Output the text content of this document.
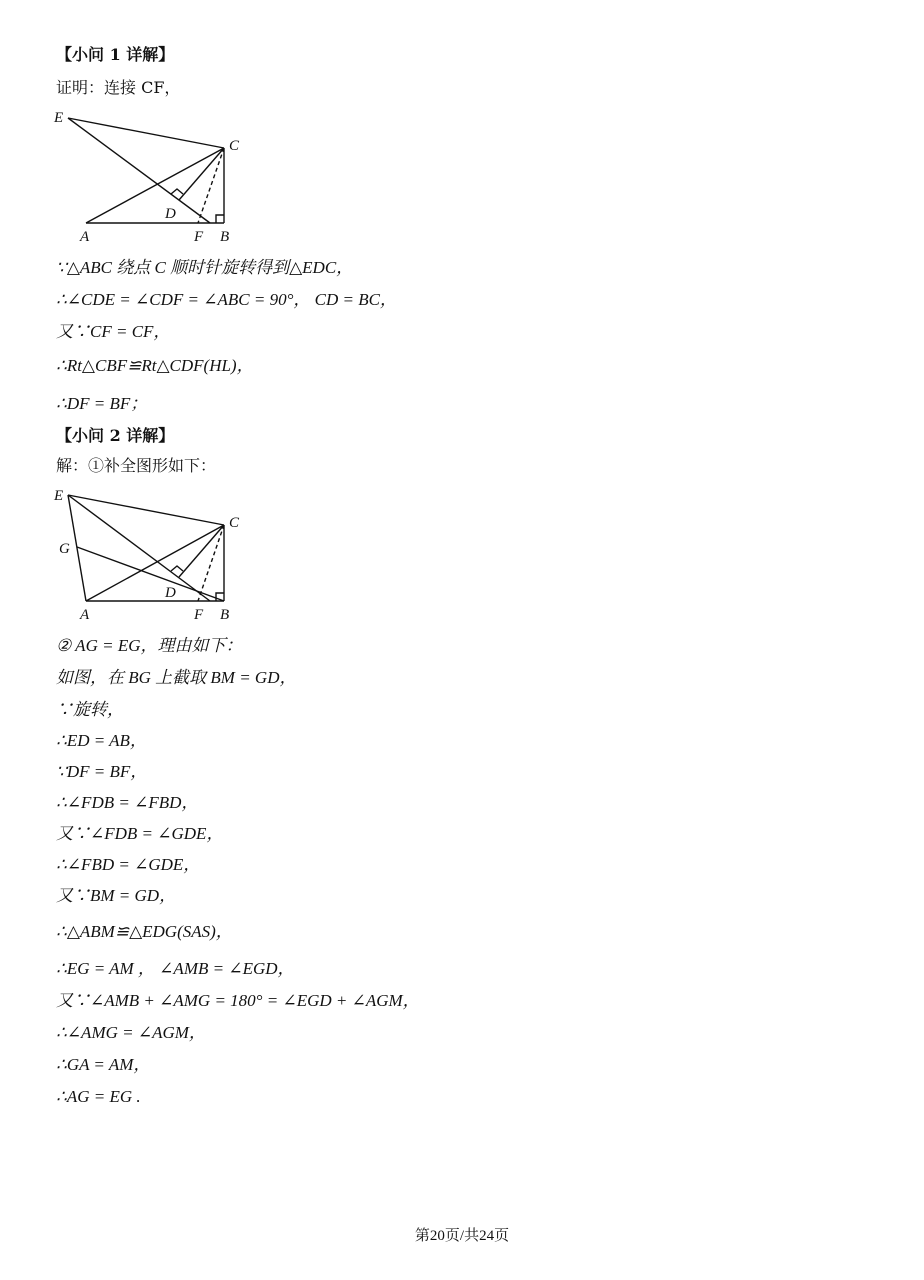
【小问 1 详解】
证明：连接 CF，
E
C
D
A	F B
∵△ABC 绕点 C 顺时针旋转得到△EDC，
∴∠CDE = ∠CDF = ∠ABC = 90°， CD = BC，
又∵CF = CF，
∴Rt△CBF≌Rt△CDF(HL)，
∴DF = BF；
【小问 2 详解】
解：①补全图形如下：
E
C
G
D
A	F B
② AG = EG，理由如下：
如图，在 BG 上截取 BM = GD，
∵旋转，
∴ED = AB，
∵DF = BF，
∴∠FDB = ∠FBD，
又∵∠FDB = ∠GDE，
∴∠FBD = ∠GDE，
又∵BM = GD，
∴△ABM≌△EDG(SAS)，
∴EG = AM ， ∠AMB = ∠EGD，
又∵∠AMB + ∠AMG = 180° = ∠EGD + ∠AGM，
∴∠AMG = ∠AGM，
∴GA = AM，
∴AG = EG .
第20页/共24页
